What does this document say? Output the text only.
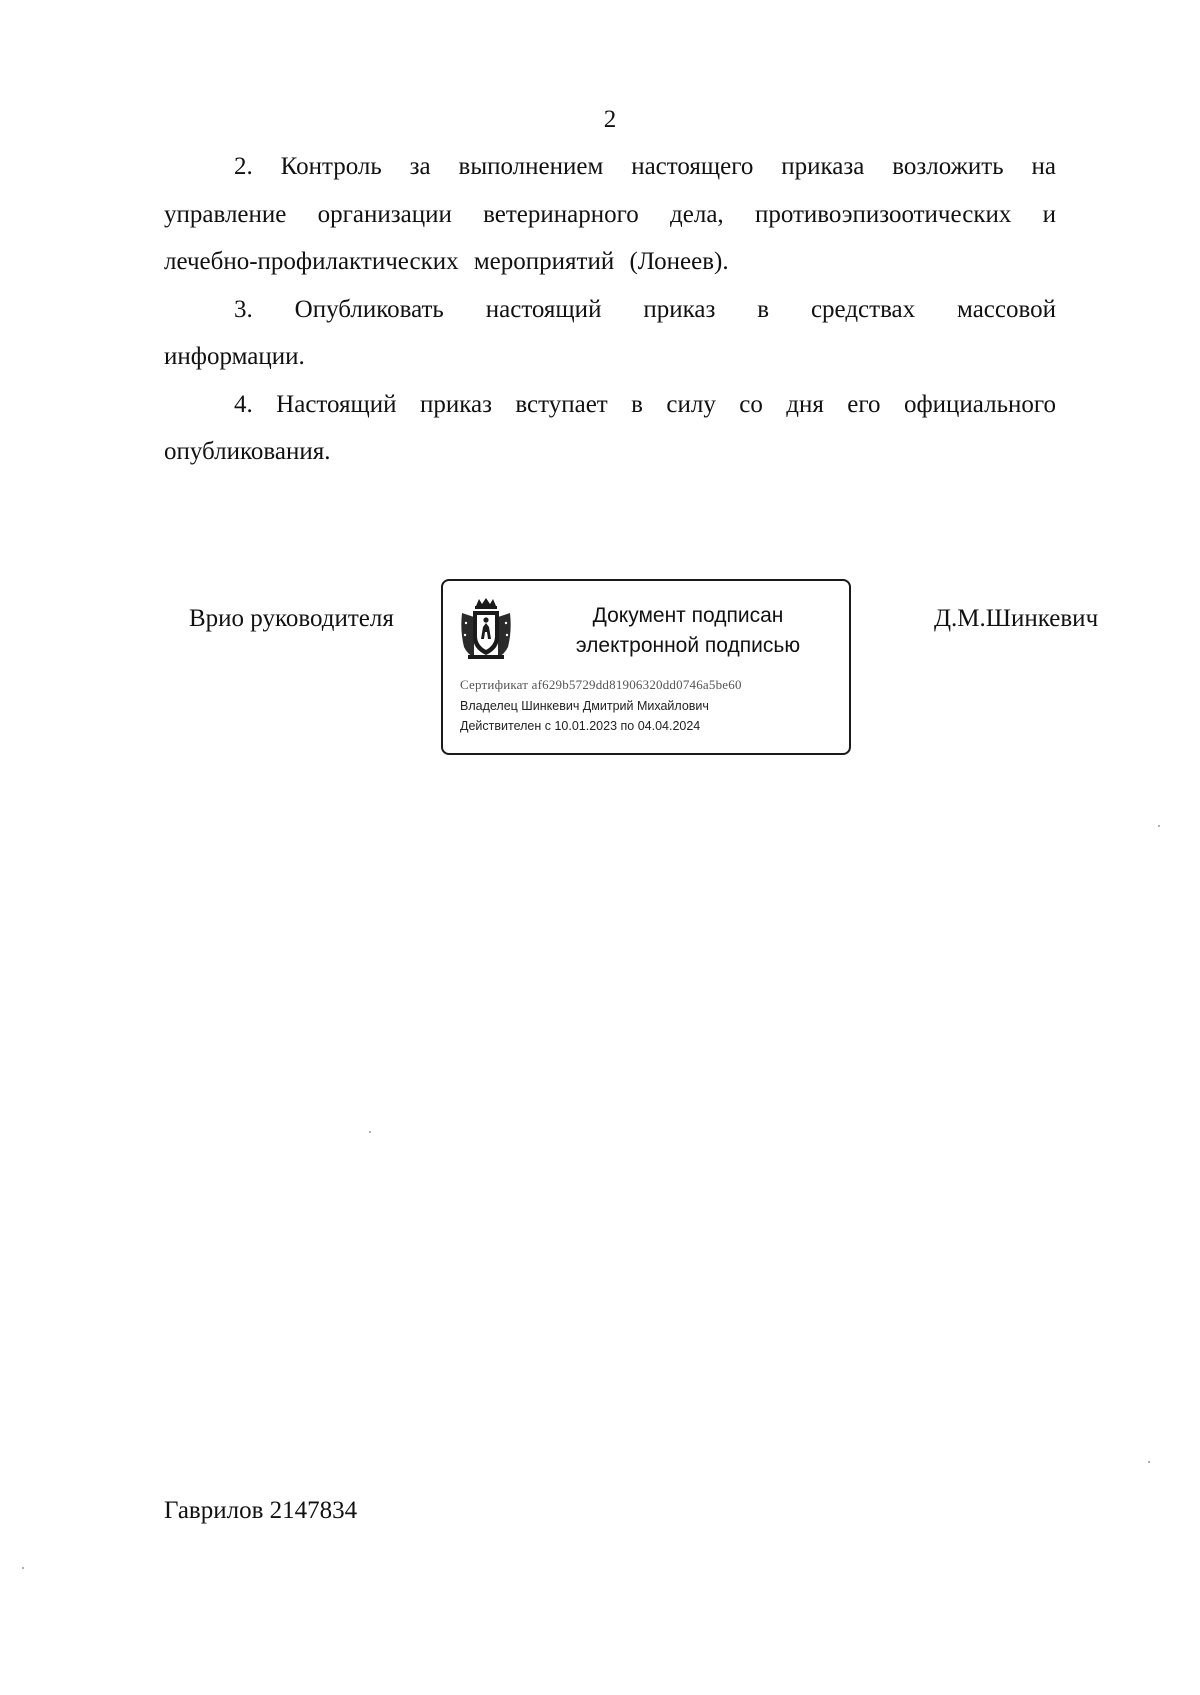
2

2. Контроль за выполнением настоящего приказа возложить на управление организации ветеринарного дела, противоэпизоотических и лечебно-профилактических мероприятий (Лонеев).

3. Опубликовать настоящий приказ в средствах массовой информации.

4. Настоящий приказ вступает в силу со дня его официального опубликования.

Врио руководителя	Документ подписан
электронной подписью
Сертификат af629b5729dd81906320dd0746a5be60
Владелец Шинкевич Дмитрий Михайлович
Действителен с 10.01.2023 по 04.04.2024
Д.М.Шинкевич
Гаврилов 2147834
